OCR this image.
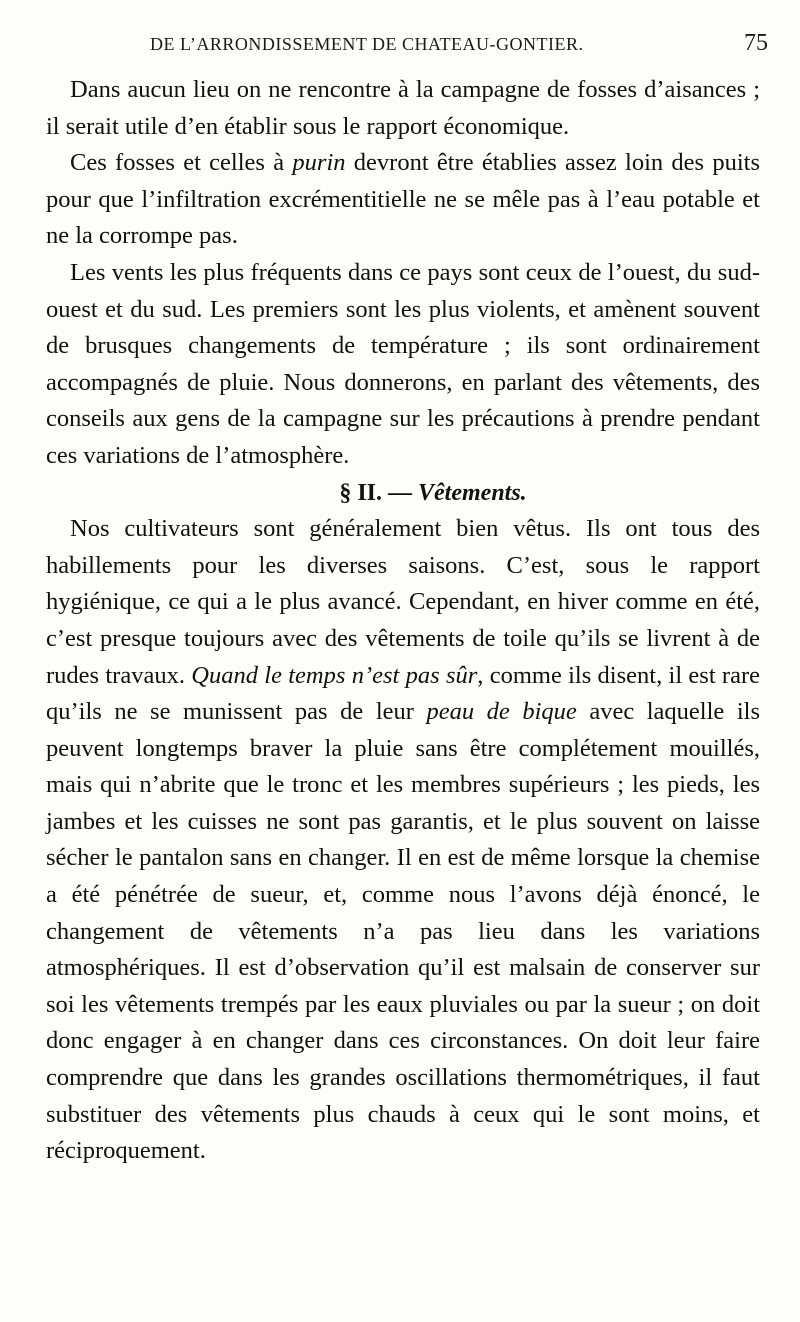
DE L’ARRONDISSEMENT DE CHATEAU-GONTIER.	75

Dans aucun lieu on ne rencontre à la campagne de fosses d’aisances ; il serait utile d’en établir sous le rapport économique.

Ces fosses et celles à purin devront être établies assez loin des puits pour que l’infiltration excrémentitielle ne se mêle pas à l’eau potable et ne la corrompe pas.

Les vents les plus fréquents dans ce pays sont ceux de l’ouest, du sud-ouest et du sud. Les premiers sont les plus violents, et amènent souvent de brusques changements de température ; ils sont ordinairement accompagnés de pluie. Nous donnerons, en parlant des vêtements, des conseils aux gens de la campagne sur les précautions à prendre pendant ces variations de l’atmosphère.

§ II. — Vêtements.

Nos cultivateurs sont généralement bien vêtus. Ils ont tous des habillements pour les diverses saisons. C’est, sous le rapport hygiénique, ce qui a le plus avancé. Cependant, en hiver comme en été, c’est presque toujours avec des vêtements de toile qu’ils se livrent à de rudes travaux. Quand le temps n’est pas sûr, comme ils disent, il est rare qu’ils ne se munissent pas de leur peau de bique avec laquelle ils peuvent longtemps braver la pluie sans être complétement mouillés, mais qui n’abrite que le tronc et les membres supérieurs ; les pieds, les jambes et les cuisses ne sont pas garantis, et le plus souvent on laisse sécher le pantalon sans en changer. Il en est de même lorsque la chemise a été pénétrée de sueur, et, comme nous l’avons déjà énoncé, le changement de vêtements n’a pas lieu dans les variations atmosphériques. Il est d’observation qu’il est malsain de conserver sur soi les vêtements trempés par les eaux pluviales ou par la sueur ; on doit donc engager à en changer dans ces circonstances. On doit leur faire comprendre que dans les grandes oscillations thermométriques, il faut substituer des vêtements plus chauds à ceux qui le sont moins, et réciproquement.
